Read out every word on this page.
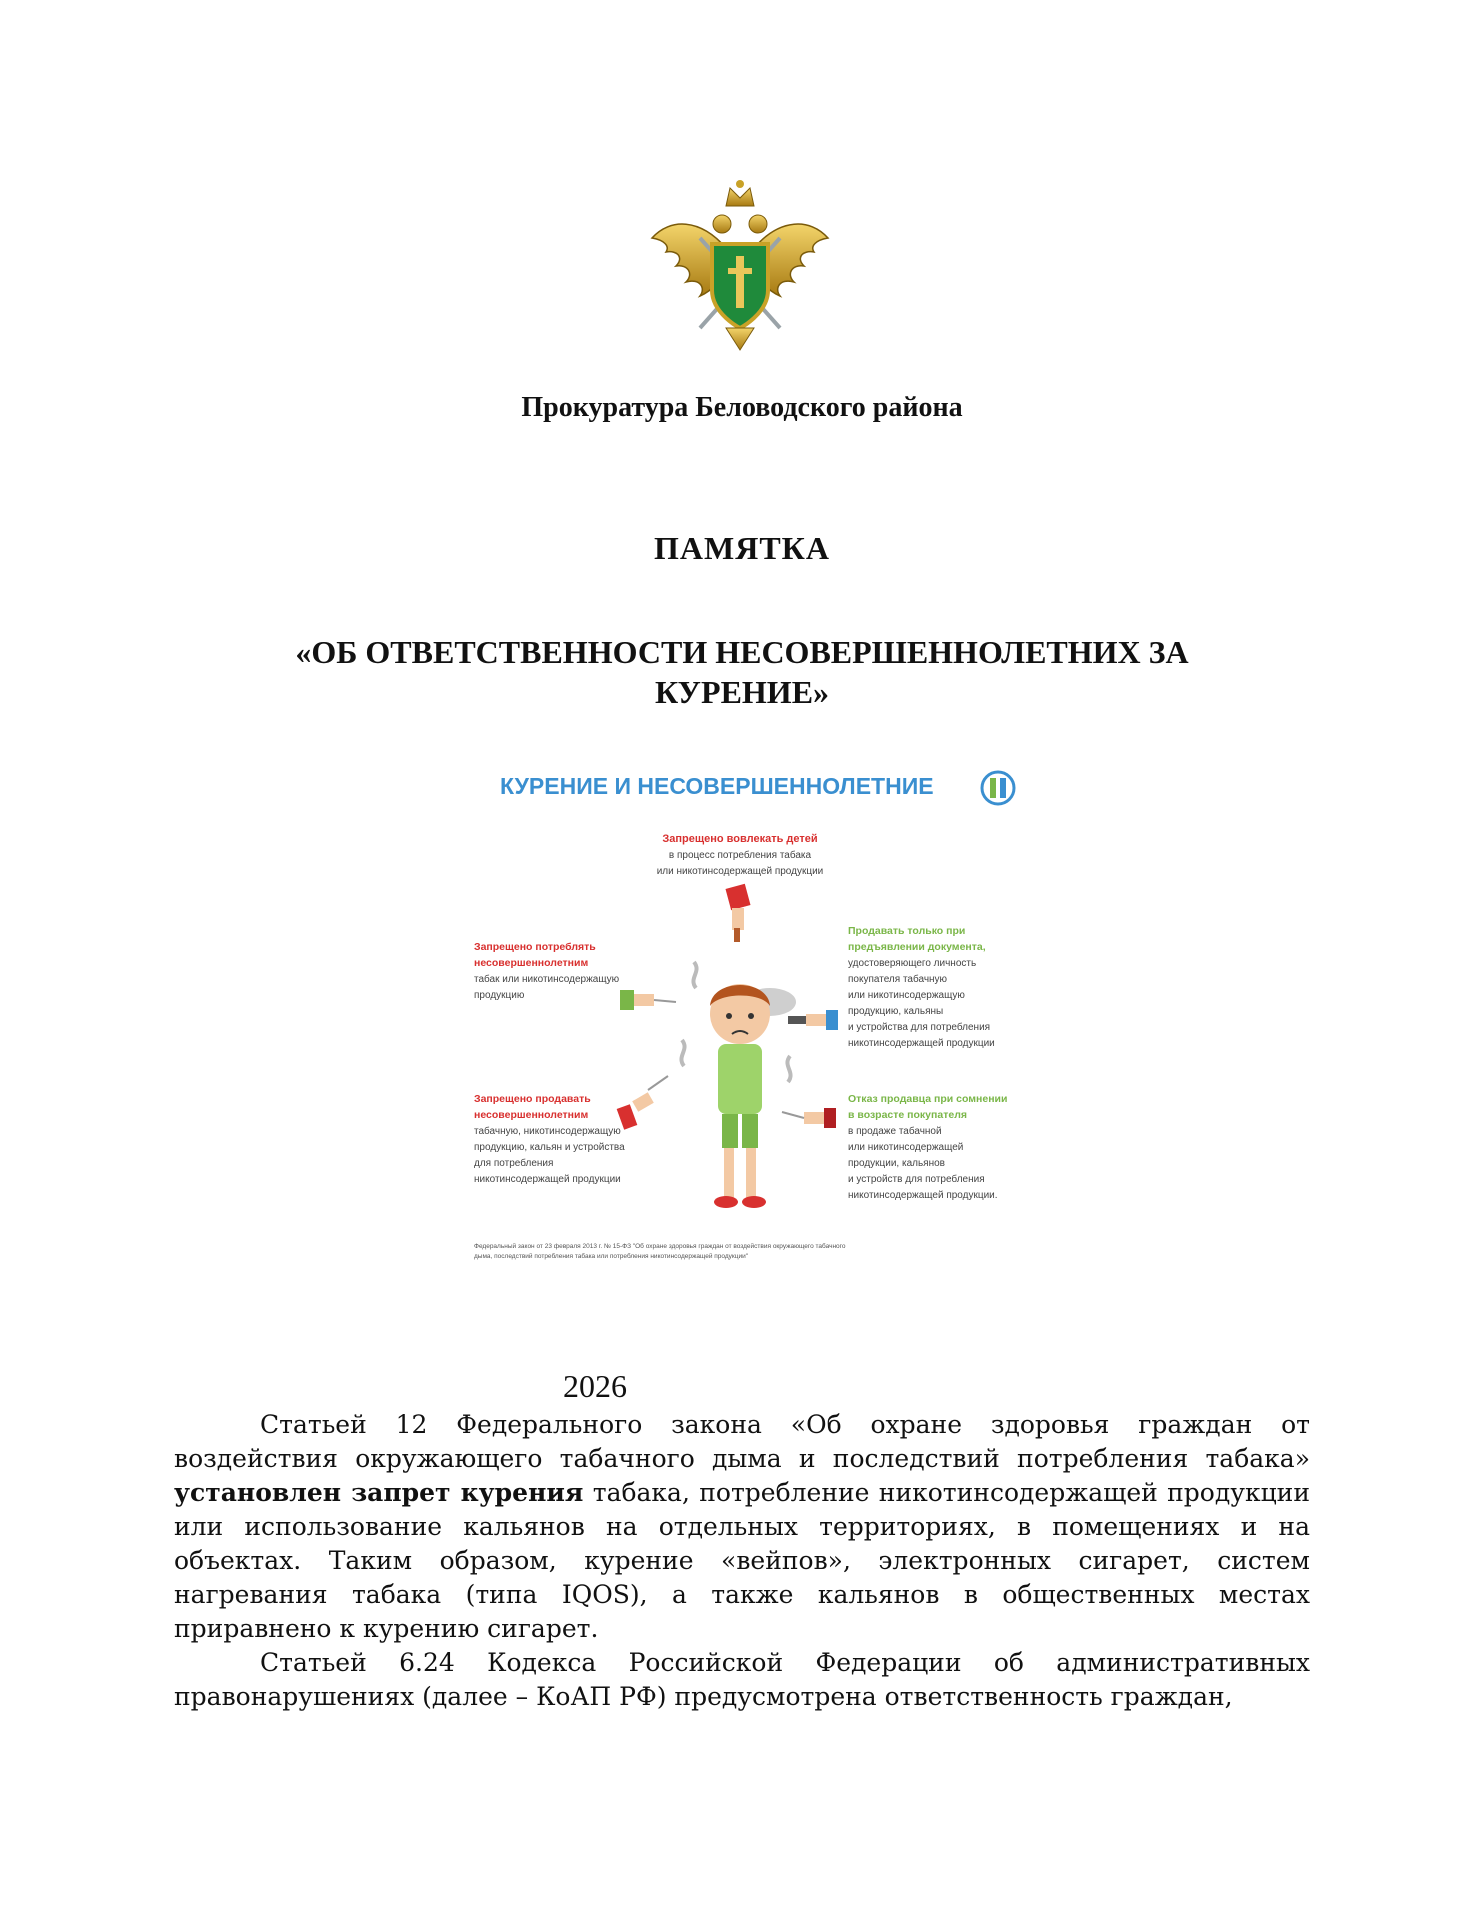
Прокуратура Беловодского района
ПАМЯТКА
«ОБ ОТВЕТСТВЕННОСТИ НЕСОВЕРШЕННОЛЕТНИХ ЗА КУРЕНИЕ»
КУРЕНИЕ И НЕСОВЕРШЕННОЛЕТНИЕ
Запрещено вовлекать детей
в процесс потребления табака
или никотинсодержащей продукции
Запрещено потреблять
несовершеннолетним
табак или никотинсодержащую
продукцию
Запрещено продавать
несовершеннолетним
табачную, никотинсодержащую
продукцию, кальян и устройства
для потребления
никотинсодержащей продукции
Продавать только при
предъявлении документа,
удостоверяющего личность
покупателя табачную
или никотинсодержащую
продукцию, кальяны
и устройства для потребления
никотинсодержащей продукции
Отказ продавца при сомнении
в возрасте покупателя
в продаже табачной
или никотинсодержащей
продукции, кальянов
и устройств для потребления
никотинсодержащей продукции.
Федеральный закон от 23 февраля 2013 г. № 15-ФЗ "Об охране здоровья граждан от воздействия окружающего табачного
дыма, последствий потребления табака или потребления никотинсодержащей продукции"
2026

Статьей 12 Федерального закона «Об охране здоровья граждан от воздействия окружающего табачного дыма и последствий потребления табака» установлен запрет курения табака, потребление никотинсодержащей продукции или использование кальянов на отдельных территориях, в помещениях и на объектах. Таким образом, курение «вейпов», электронных сигарет, систем нагревания табака (типа IQOS), а также кальянов в общественных местах приравнено к курению сигарет.

Статьей 6.24 Кодекса Российской Федерации об административных правонарушениях (далее – КоАП РФ) предусмотрена ответственность граждан,
